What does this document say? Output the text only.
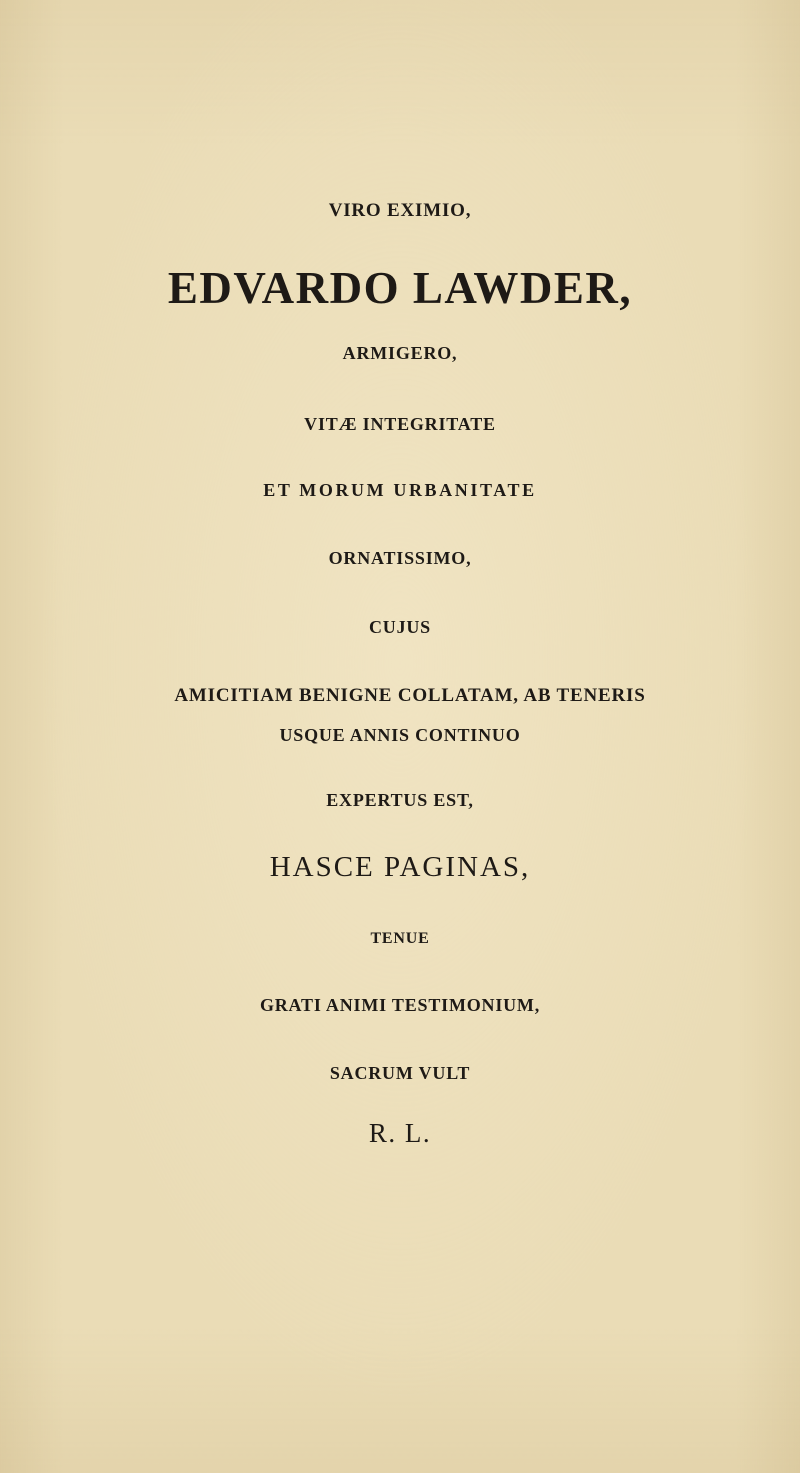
VIRO EXIMIO,

EDVARDO LAWDER,

ARMIGERO,

VITÆ INTEGRITATE

ET MORUM URBANITATE

ORNATISSIMO,

CUJUS

AMICITIAM BENIGNE COLLATAM, AB TENERIS

USQUE ANNIS CONTINUO

EXPERTUS EST,

HASCE PAGINAS,

TENUE

GRATI ANIMI TESTIMONIUM,

SACRUM VULT

R. L.
